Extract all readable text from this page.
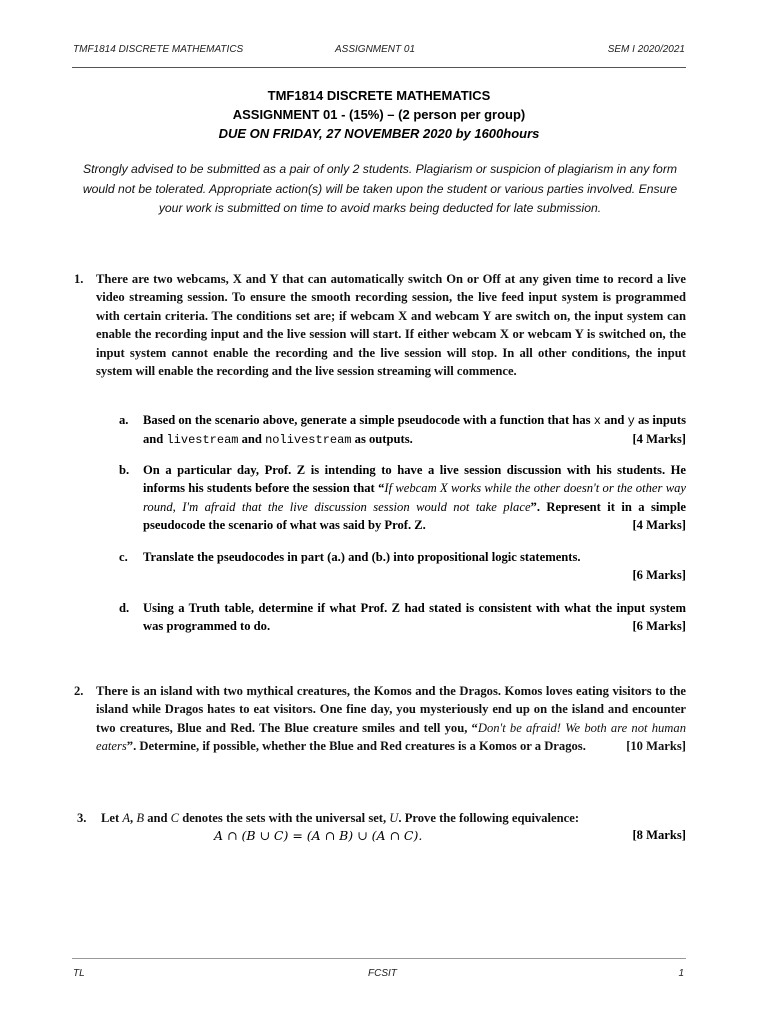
TMF1814 DISCRETE MATHEMATICS	ASSIGNMENT 01	SEM I 2020/2021
TMF1814 DISCRETE MATHEMATICS
ASSIGNMENT 01 - (15%) – (2 person per group)
DUE ON FRIDAY, 27 NOVEMBER 2020 by 1600hours
Strongly advised to be submitted as a pair of only 2 students. Plagiarism or suspicion of plagiarism in any form would not be tolerated. Appropriate action(s) will be taken upon the student or various parties involved. Ensure your work is submitted on time to avoid marks being deducted for late submission.
1. There are two webcams, X and Y that can automatically switch On or Off at any given time to record a live video streaming session. To ensure the smooth recording session, the live feed input system is programmed with certain criteria. The conditions set are; if webcam X and webcam Y are switch on, the input system can enable the recording input and the live session will start. If either webcam X or webcam Y is switched on, the input system cannot enable the recording and the live session will stop. In all other conditions, the input system will enable the recording and the live session streaming will commence.
a. Based on the scenario above, generate a simple pseudocode with a function that has x and y as inputs and livestream and nolivestream as outputs.	[4 Marks]
b. On a particular day, Prof. Z is intending to have a live session discussion with his students. He informs his students before the session that “If webcam X works while the other doesn't or the other way round, I'm afraid that the live discussion session would not take place”. Represent it in a simple pseudocode the scenario of what was said by Prof. Z.	[4 Marks]
c. Translate the pseudocodes in part (a.) and (b.) into propositional logic statements.

[6 Marks]
d. Using a Truth table, determine if what Prof. Z had stated is consistent with what the input system was programmed to do.	[6 Marks]
2. There is an island with two mythical creatures, the Komos and the Dragos. Komos loves eating visitors to the island while Dragos hates to eat visitors. One fine day, you mysteriously end up on the island and encounter two creatures, Blue and Red. The Blue creature smiles and tell you, “Don't be afraid! We both are not human eaters”. Determine, if possible, whether the Blue and Red creatures is a Komos or a Dragos.	[10 Marks]
3. Let A, B and C denotes the sets with the universal set, U. Prove the following equivalence:
A ∩ (B ∪ C) = (A ∩ B) ∪ (A ∩ C).	[8 Marks]
TL	FCSIT	1
